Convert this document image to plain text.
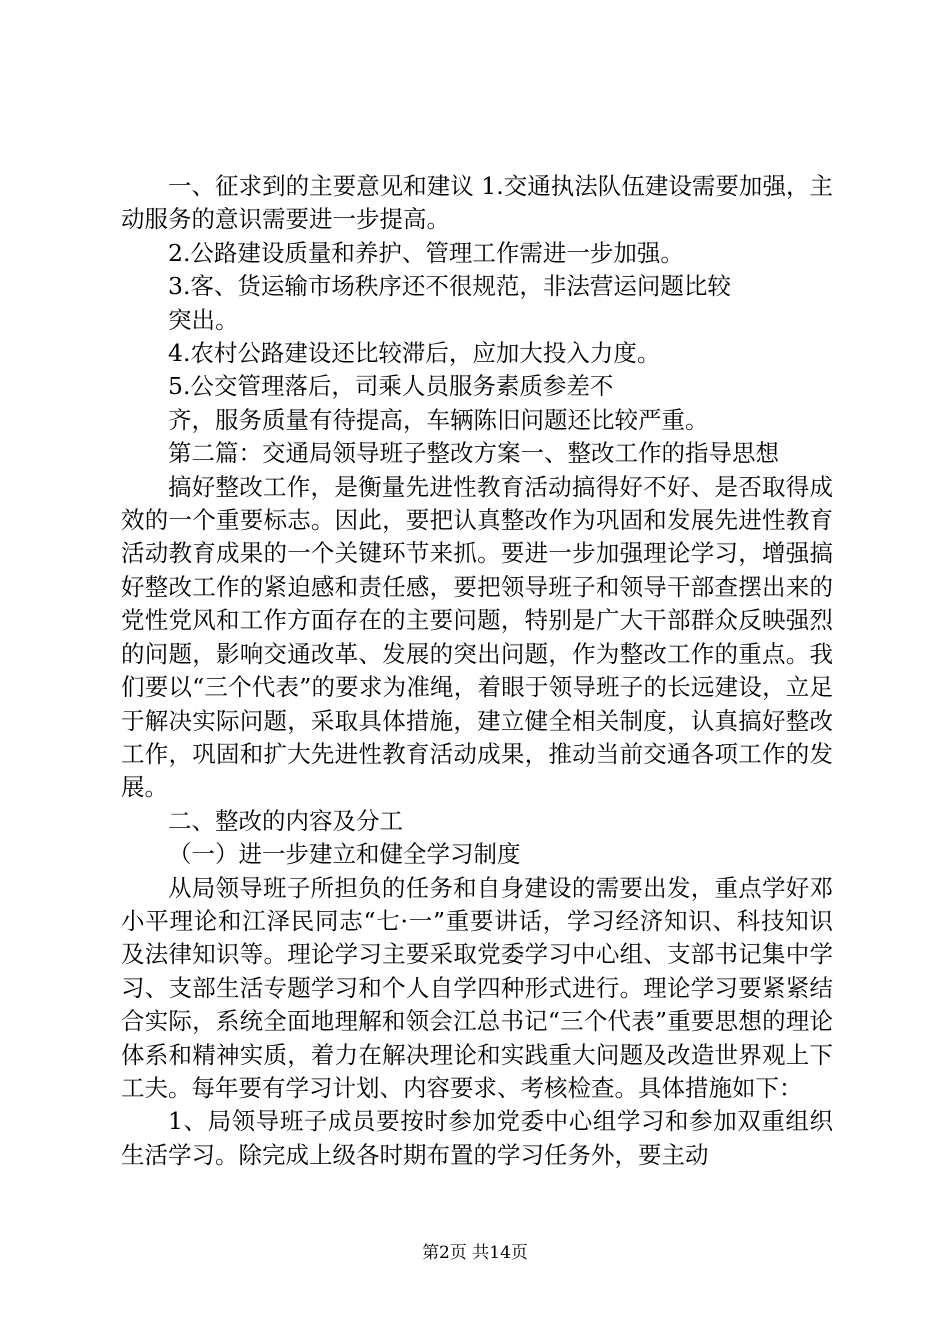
一、征求到的主要意见和建议 1.交通执法队伍建设需要加强，主动服务的意识需要进一步提高。

2.公路建设质量和养护、管理工作需进一步加强。

3.客、货运输市场秩序还不很规范，非法营运问题比较

突出。

4.农村公路建设还比较滞后，应加大投入力度。

5.公交管理落后，司乘人员服务素质参差不

齐，服务质量有待提高，车辆陈旧问题还比较严重。

第二篇：交通局领导班子整改方案一、整改工作的指导思想

搞好整改工作，是衡量先进性教育活动搞得好不好、是否取得成效的一个重要标志。因此，要把认真整改作为巩固和发展先进性教育活动教育成果的一个关键环节来抓。要进一步加强理论学习，增强搞好整改工作的紧迫感和责任感，要把领导班子和领导干部查摆出来的党性党风和工作方面存在的主要问题，特别是广大干部群众反映强烈的问题，影响交通改革、发展的突出问题，作为整改工作的重点。我们要以“三个代表”的要求为准绳，着眼于领导班子的长远建设，立足于解决实际问题，采取具体措施，建立健全相关制度，认真搞好整改工作，巩固和扩大先进性教育活动成果，推动当前交通各项工作的发展。

二、整改的内容及分工

（一）进一步建立和健全学习制度

从局领导班子所担负的任务和自身建设的需要出发，重点学好邓小平理论和江泽民同志“七·一”重要讲话，学习经济知识、科技知识及法律知识等。理论学习主要采取党委学习中心组、支部书记集中学习、支部生活专题学习和个人自学四种形式进行。理论学习要紧紧结合实际，系统全面地理解和领会江总书记“三个代表”重要思想的理论体系和精神实质，着力在解决理论和实践重大问题及改造世界观上下工夫。每年要有学习计划、内容要求、考核检查。具体措施如下：

1、局领导班子成员要按时参加党委中心组学习和参加双重组织生活学习。除完成上级各时期布置的学习任务外，要主动

第2页 共14页
